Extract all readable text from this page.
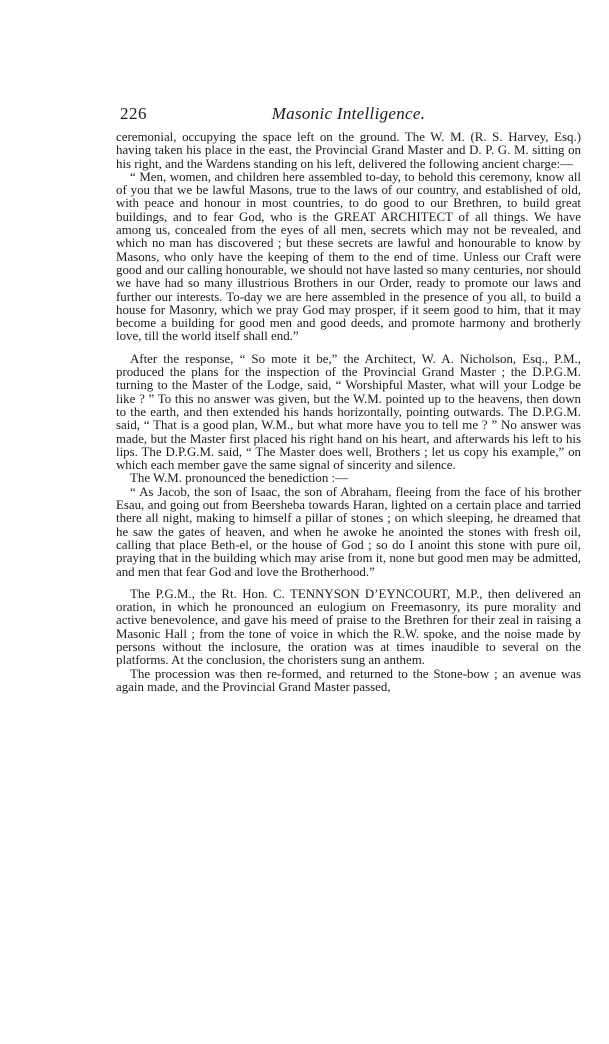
226	Masonic Intelligence.

ceremonial, occupying the space left on the ground. The W. M. (R. S. Harvey, Esq.) having taken his place in the east, the Provincial Grand Master and D. P. G. M. sitting on his right, and the Wardens standing on his left, delivered the following ancient charge:—

“ Men, women, and children here assembled to-day, to behold this ceremony, know all of you that we be lawful Masons, true to the laws of our country, and established of old, with peace and honour in most countries, to do good to our Brethren, to build great buildings, and to fear God, who is the GREAT ARCHITECT of all things. We have among us, concealed from the eyes of all men, secrets which may not be revealed, and which no man has discovered ; but these secrets are lawful and honourable to know by Masons, who only have the keeping of them to the end of time. Unless our Craft were good and our calling honourable, we should not have lasted so many centuries, nor should we have had so many illustrious Brothers in our Order, ready to promote our laws and further our interests. To-day we are here assembled in the presence of you all, to build a house for Masonry, which we pray God may prosper, if it seem good to him, that it may become a building for good men and good deeds, and promote harmony and brotherly love, till the world itself shall end.”

After the response, “ So mote it be,” the Architect, W. A. Nicholson, Esq., P.M., produced the plans for the inspection of the Provincial Grand Master ; the D.P.G.M. turning to the Master of the Lodge, said, “ Worshipful Master, what will your Lodge be like ? ” To this no answer was given, but the W.M. pointed up to the heavens, then down to the earth, and then extended his hands horizontally, pointing outwards. The D.P.G.M. said, “ That is a good plan, W.M., but what more have you to tell me ? ” No answer was made, but the Master first placed his right hand on his heart, and afterwards his left to his lips. The D.P.G.M. said, “ The Master does well, Brothers ; let us copy his example,” on which each member gave the same signal of sincerity and silence.

The W.M. pronounced the benediction :—

“ As Jacob, the son of Isaac, the son of Abraham, fleeing from the face of his brother Esau, and going out from Beersheba towards Haran, lighted on a certain place and tarried there all night, making to himself a pillar of stones ; on which sleeping, he dreamed that he saw the gates of heaven, and when he awoke he anointed the stones with fresh oil, calling that place Beth-el, or the house of God ; so do I anoint this stone with pure oil, praying that in the building which may arise from it, none but good men may be admitted, and men that fear God and love the Brotherhood.”

The P.G.M., the Rt. Hon. C. TENNYSON D’EYNCOURT, M.P., then delivered an oration, in which he pronounced an eulogium on Freemasonry, its pure morality and active benevolence, and gave his meed of praise to the Brethren for their zeal in raising a Masonic Hall ; from the tone of voice in which the R.W. spoke, and the noise made by persons without the inclosure, the oration was at times inaudible to several on the platforms. At the conclusion, the choristers sung an anthem.

The procession was then re-formed, and returned to the Stone-bow ; an avenue was again made, and the Provincial Grand Master passed,
